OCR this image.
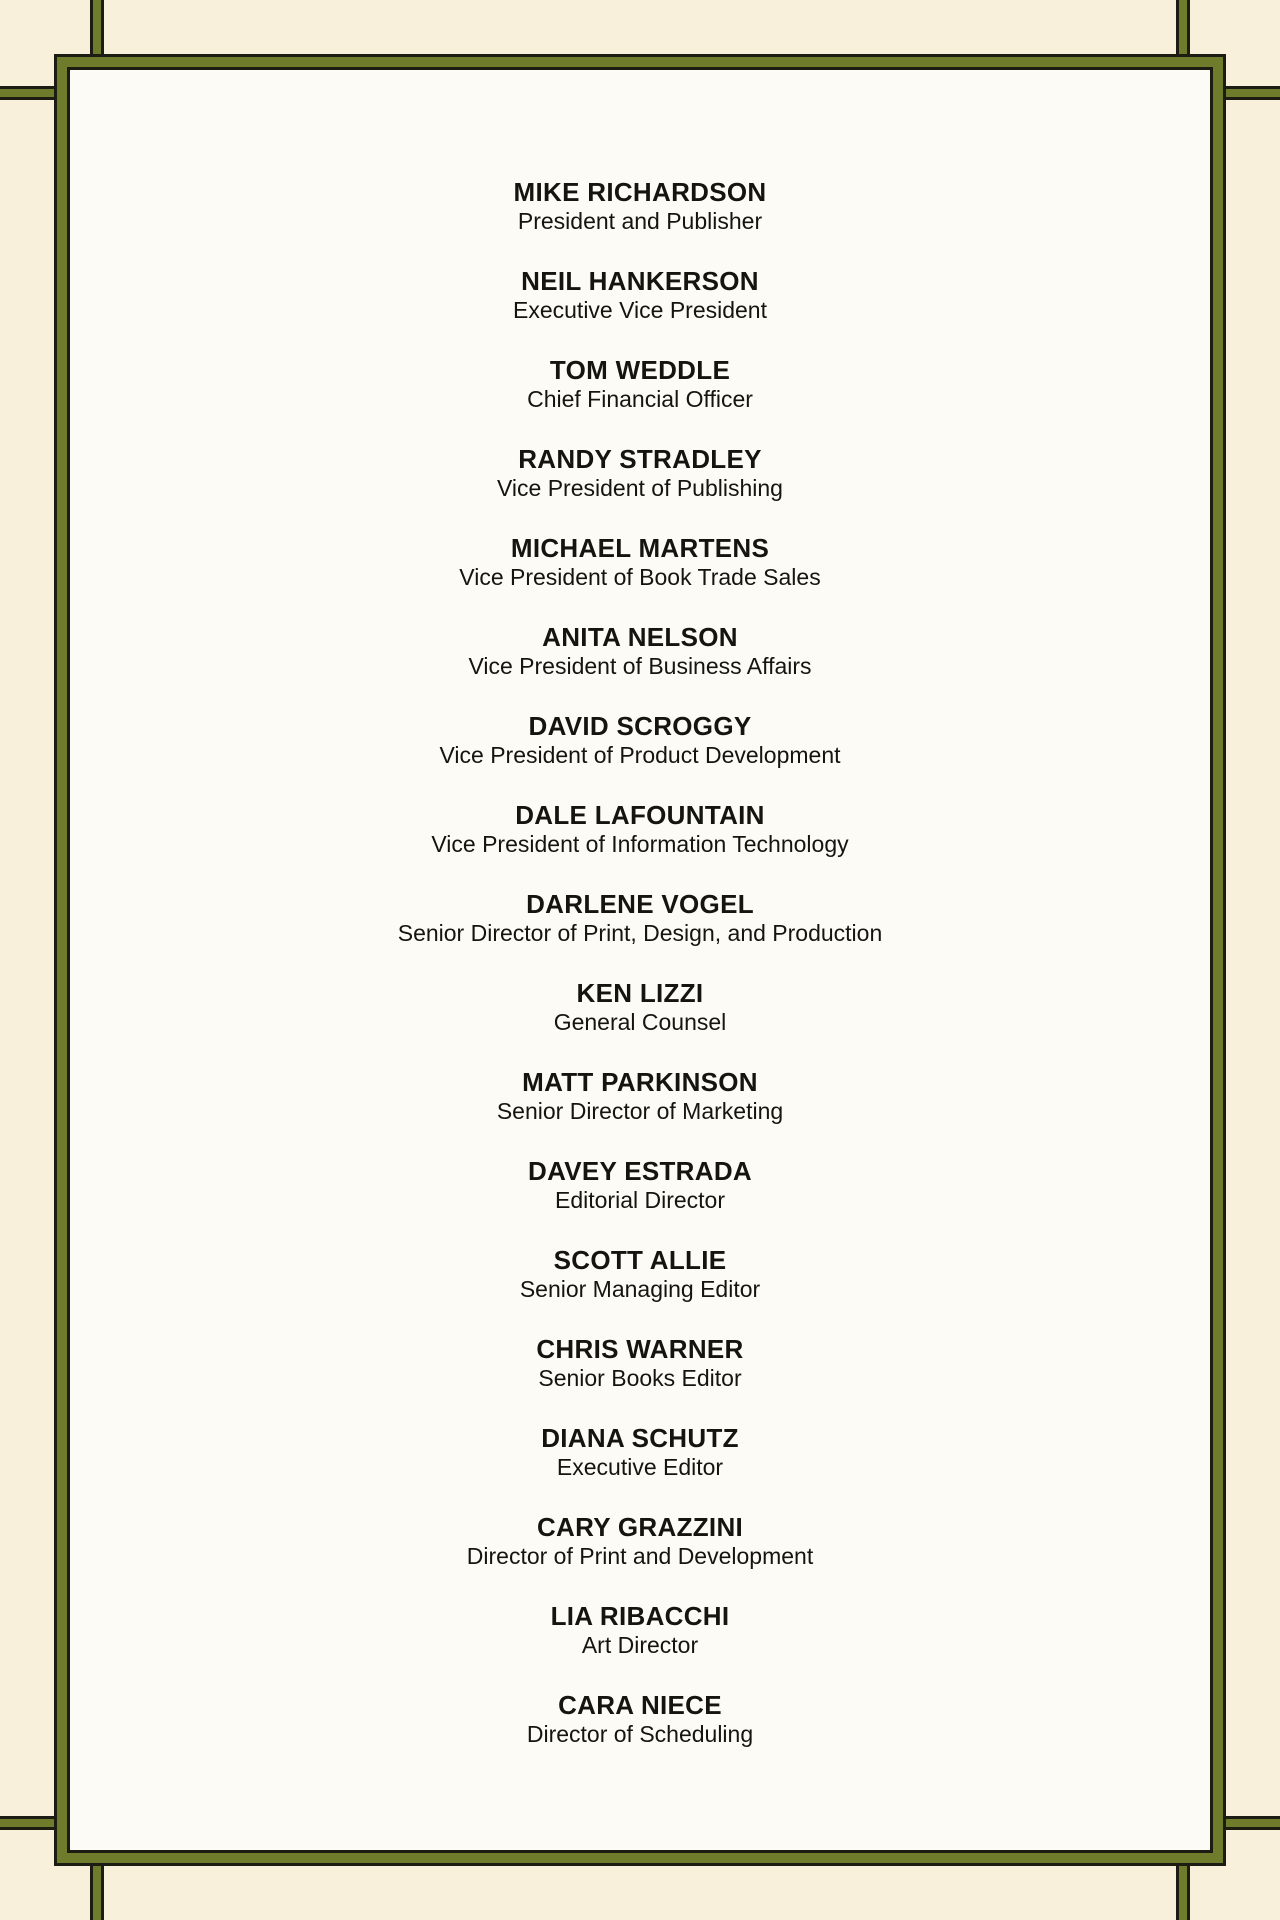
MIKE RICHARDSON
President and Publisher
NEIL HANKERSON
Executive Vice President
TOM WEDDLE
Chief Financial Officer
RANDY STRADLEY
Vice President of Publishing
MICHAEL MARTENS
Vice President of Book Trade Sales
ANITA NELSON
Vice President of Business Affairs
DAVID SCROGGY
Vice President of Product Development
DALE LAFOUNTAIN
Vice President of Information Technology
DARLENE VOGEL
Senior Director of Print, Design, and Production
KEN LIZZI
General Counsel
MATT PARKINSON
Senior Director of Marketing
DAVEY ESTRADA
Editorial Director
SCOTT ALLIE
Senior Managing Editor
CHRIS WARNER
Senior Books Editor
DIANA SCHUTZ
Executive Editor
CARY GRAZZINI
Director of Print and Development
LIA RIBACCHI
Art Director
CARA NIECE
Director of Scheduling
